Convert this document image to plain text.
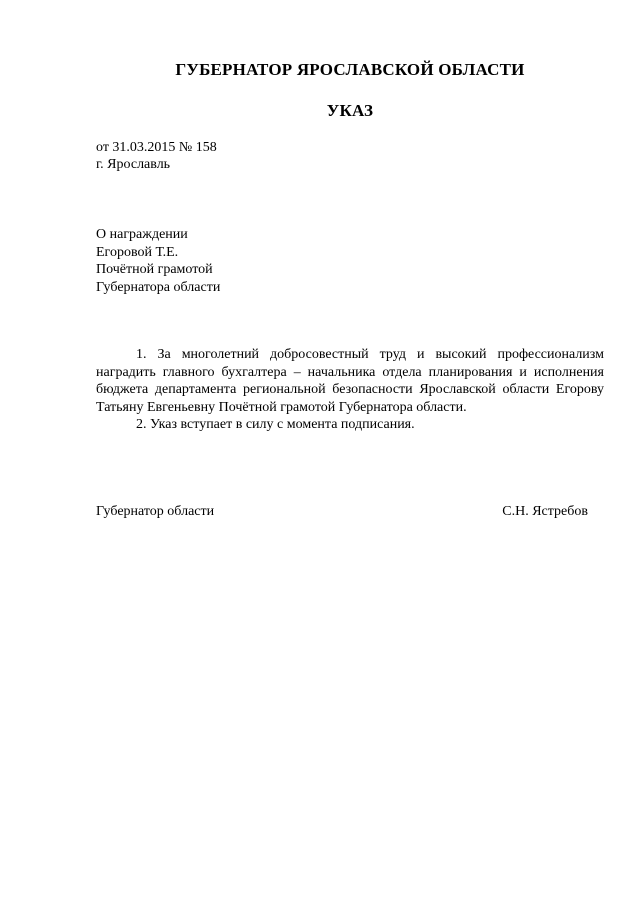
ГУБЕРНАТОР ЯРОСЛАВСКОЙ ОБЛАСТИ
УКАЗ
от 31.03.2015 № 158
г. Ярославль
О награждении
Егоровой Т.Е.
Почётной грамотой
Губернатора области

1. За многолетний добросовестный труд и высокий профессионализм наградить главного бухгалтера – начальника отдела планирования и исполнения бюджета департамента региональной безопасности Ярославской области Егорову Татьяну Евгеньевну Почётной грамотой Губернатора области.

2. Указ вступает в силу с момента подписания.

Губернатор области	С.Н. Ястребов
